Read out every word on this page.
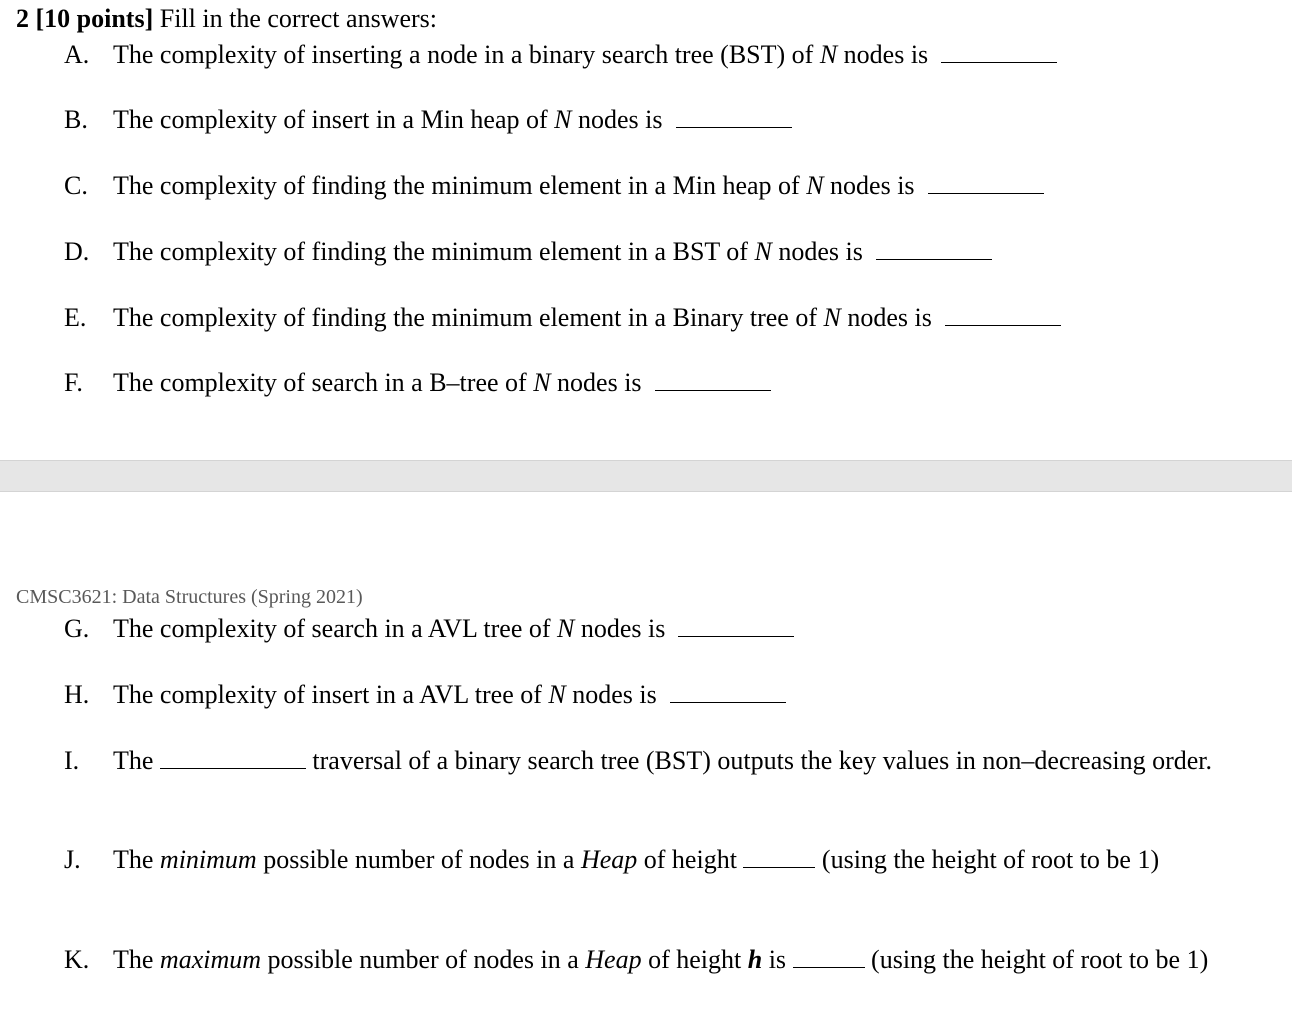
2 [10 points] Fill in the correct answers:
A. The complexity of inserting a node in a binary search tree (BST) of N nodes is
B. The complexity of insert in a Min heap of N nodes is
C. The complexity of finding the minimum element in a Min heap of N nodes is
D. The complexity of finding the minimum element in a BST of N nodes is
E. The complexity of finding the minimum element in a Binary tree of N nodes is
F. The complexity of search in a B–tree of N nodes is
CMSC3621: Data Structures (Spring 2021)
G. The complexity of search in a AVL tree of N nodes is
H. The complexity of insert in a AVL tree of N nodes is
I. The	traversal of a binary search tree (BST) outputs the key values in non–decreasing order.
J. The minimum possible number of nodes in a Heap of height	(using the height of root to be 1)
K. The maximum possible number of nodes in a Heap of height h is	(using the height of root to be 1)
